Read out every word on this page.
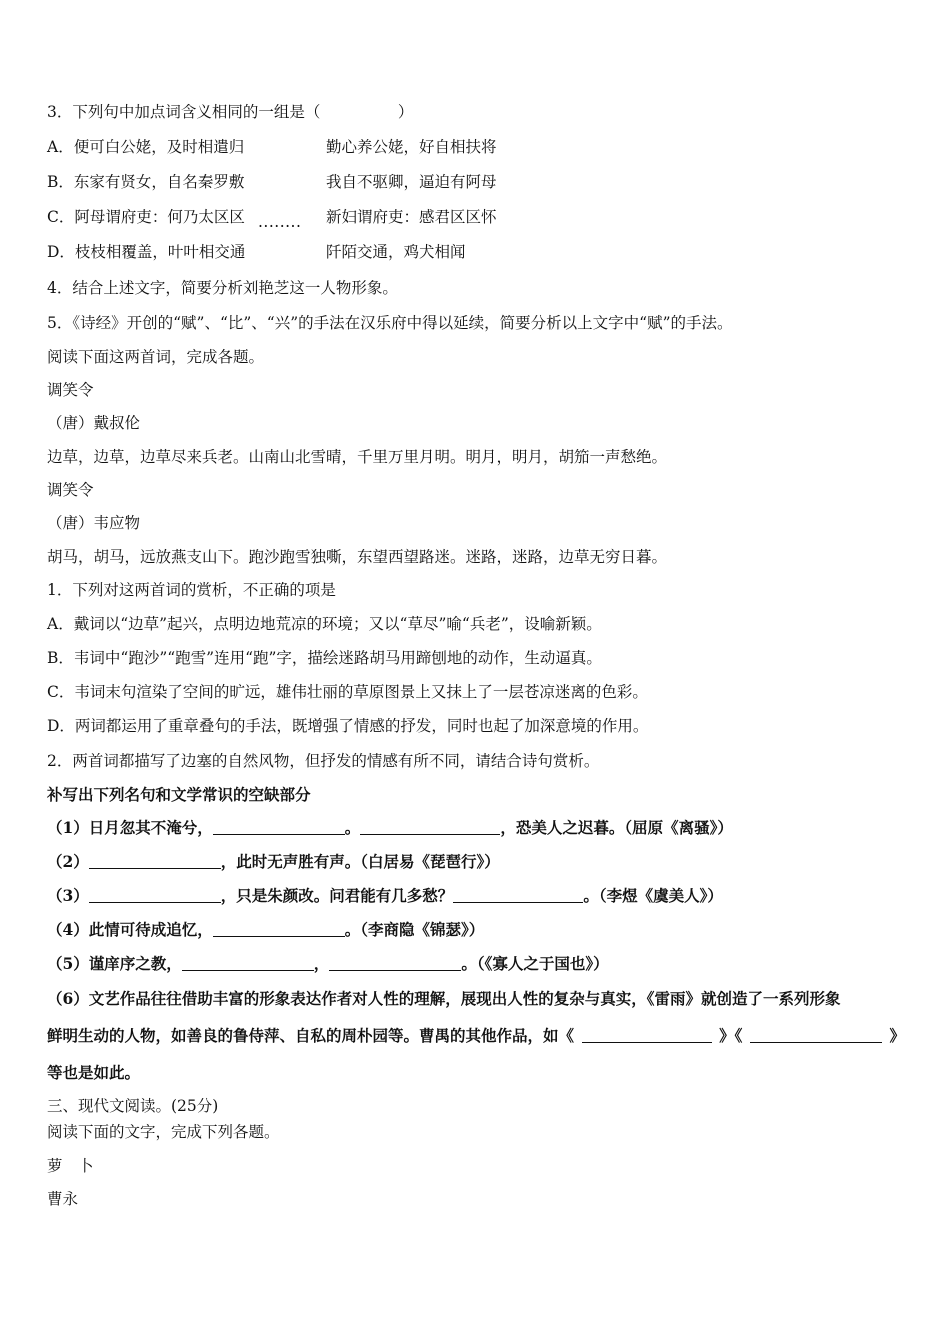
3．下列句中加点词含义相同的一组是（　　　　　）
A．便可白公姥，及时相遣归	勤心养公姥，好自相扶将
B．东家有贤女，自名秦罗敷	我自不驱卿，逼迫有阿母
C．阿母谓府吏：何乃太区区 ........ 新妇谓府吏：感君区区怀
D．枝枝相覆盖，叶叶相交通	阡陌交通，鸡犬相闻
4．结合上述文字，简要分析刘艳芝这一人物形象。
5．《诗经》开创的“赋”、“比”、“兴”的手法在汉乐府中得以延续，简要分析以上文字中“赋”的手法。
阅读下面这两首词，完成各题。
调笑令
（唐）戴叔伦
边草，边草，边草尽来兵老。山南山北雪晴，千里万里月明。明月，明月，胡笳一声愁绝。
调笑令
（唐）韦应物
胡马，胡马，远放燕支山下。跑沙跑雪独嘶，东望西望路迷。迷路，迷路，边草无穷日暮。
1．下列对这两首词的赏析，不正确的项是
A．戴词以“边草”起兴，点明边地荒凉的环境；又以“草尽”喻“兵老”，设喻新颖。
B．韦词中“跑沙”“跑雪”连用“跑”字，描绘迷路胡马用蹄刨地的动作，生动逼真。
C．韦词末句渲染了空间的旷远，雄伟壮丽的草原图景上又抹上了一层苍凉迷离的色彩。
D．两词都运用了重章叠句的手法，既增强了情感的抒发，同时也起了加深意境的作用。
2．两首词都描写了边塞的自然风物，但抒发的情感有所不同，请结合诗句赏析。
补写出下列名句和文学常识的空缺部分
（1）日月忽其不淹兮，	。	，恐美人之迟暮。（屈原《离骚》）
（2）	，此时无声胜有声。（白居易《琵琶行》）
（3）	，只是朱颜改。问君能有几多愁？	。（李煜《虞美人》）
（4）此情可待成追忆，	。（李商隐《锦瑟》）
（5）谨庠序之教，	，	。（《寡人之于国也》）
（6）文艺作品往往借助丰富的形象表达作者对人性的理解，展现出人性的复杂与真实，《雷雨》就创造了一系列形象
鲜明生动的人物，如善良的鲁侍萍、自私的周朴园等。曹禺的其他作品，如《	》《	》
等也是如此。
三、现代文阅读。(25分)
阅读下面的文字，完成下列各题。
萝　卜
曹永
